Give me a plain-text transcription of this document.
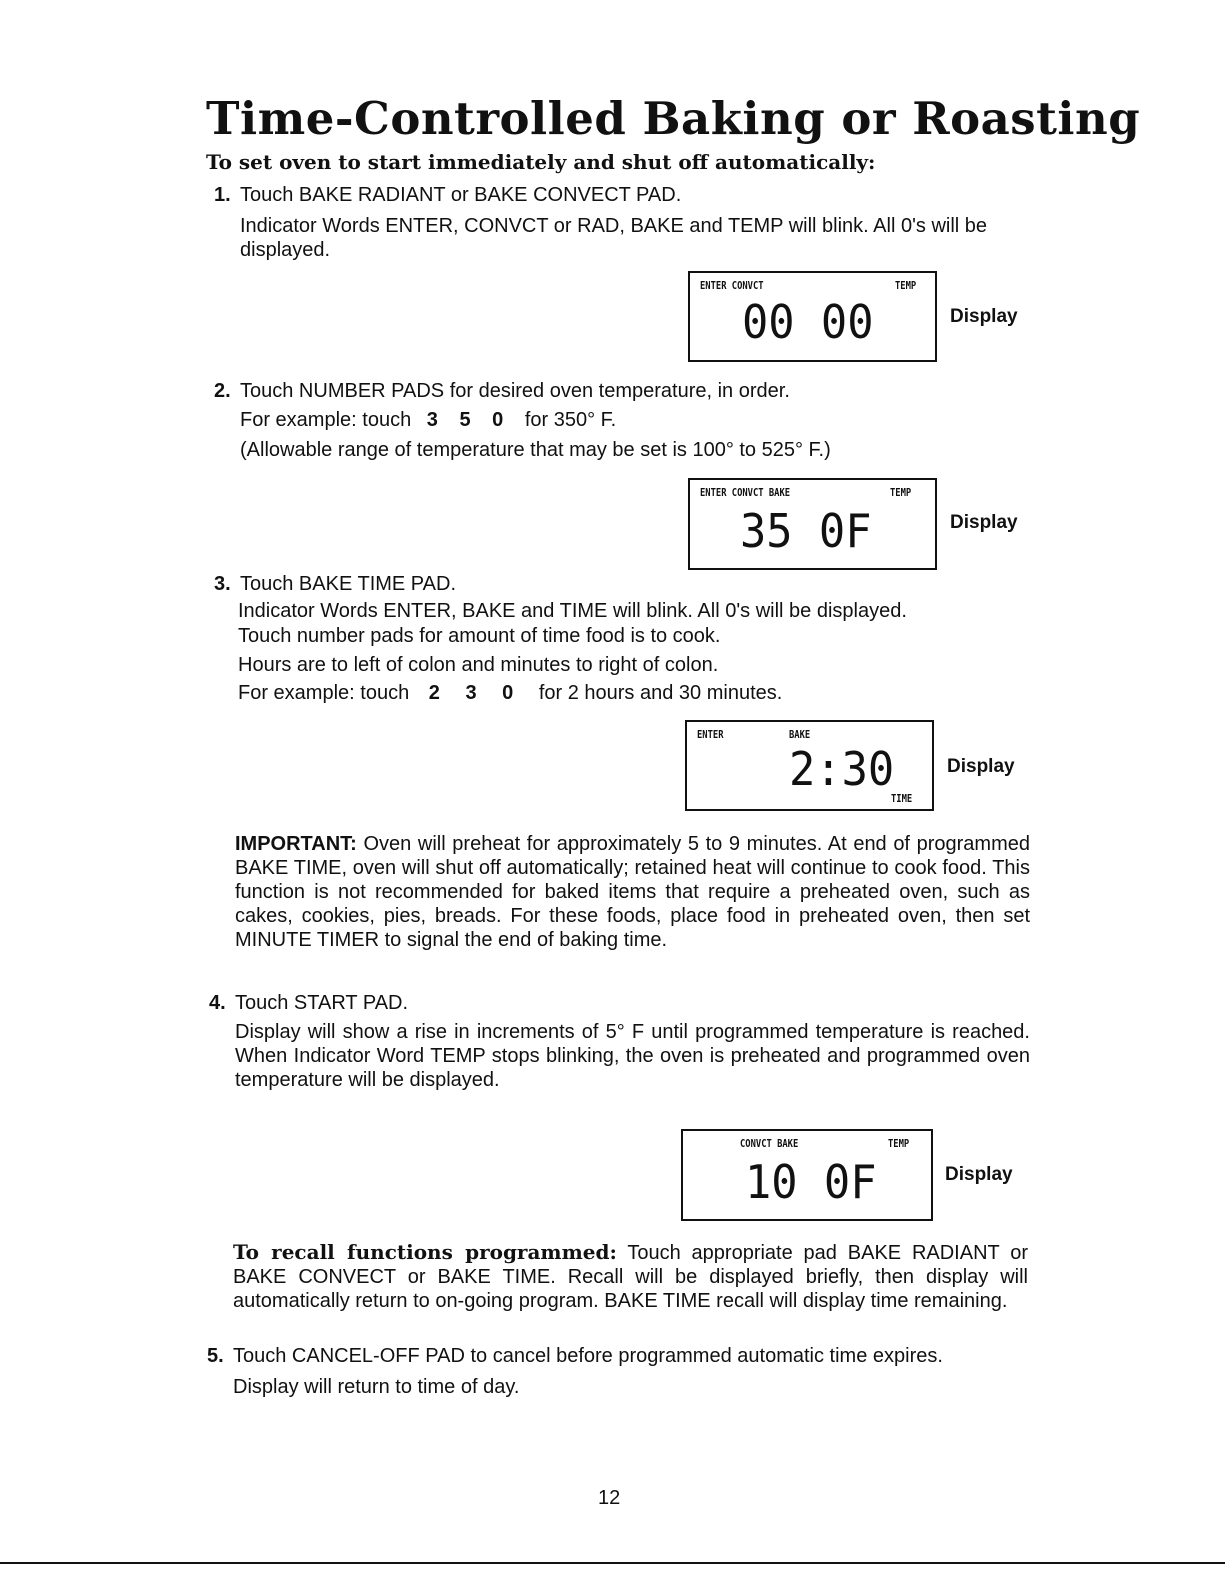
Time-Controlled Baking or Roasting
To set oven to start immediately and shut off automatically:
1. Touch BAKE RADIANT or BAKE CONVECT PAD.
Indicator Words ENTER, CONVCT or RAD, BAKE and TEMP will blink. All 0's will be displayed.
ENTER CONVCT	TEMP
00 00	Display
2. Touch NUMBER PADS for desired oven temperature, in order.
For example: touch 3 5 0 for 350° F.
(Allowable range of temperature that may be set is 100° to 525° F.)
ENTER CONVCT BAKE	TEMP
35 0F	Display
3. Touch BAKE TIME PAD.
Indicator Words ENTER, BAKE and TIME will blink. All 0's will be displayed.
Touch number pads for amount of time food is to cook.
Hours are to left of colon and minutes to right of colon.
For example: touch 2 3 0 for 2 hours and 30 minutes.
ENTER	BAKE
2:30
TIME
Display
IMPORTANT: Oven will preheat for approximately 5 to 9 minutes. At end of programmed BAKE TIME, oven will shut off automatically; retained heat will continue to cook food. This function is not recommended for baked items that require a preheated oven, such as cakes, cookies, pies, breads. For these foods, place food in preheated oven, then set MINUTE TIMER to signal the end of baking time.
4. Touch START PAD.
Display will show a rise in increments of 5° F until programmed temperature is reached. When Indicator Word TEMP stops blinking, the oven is preheated and programmed oven temperature will be displayed.
CONVCT BAKE	TEMP
10 0F	Display
To recall functions programmed: Touch appropriate pad BAKE RADIANT or BAKE CONVECT or BAKE TIME. Recall will be displayed briefly, then display will automatically return to on-going program. BAKE TIME recall will display time remaining.
5. Touch CANCEL-OFF PAD to cancel before programmed automatic time expires.
Display will return to time of day.
12
